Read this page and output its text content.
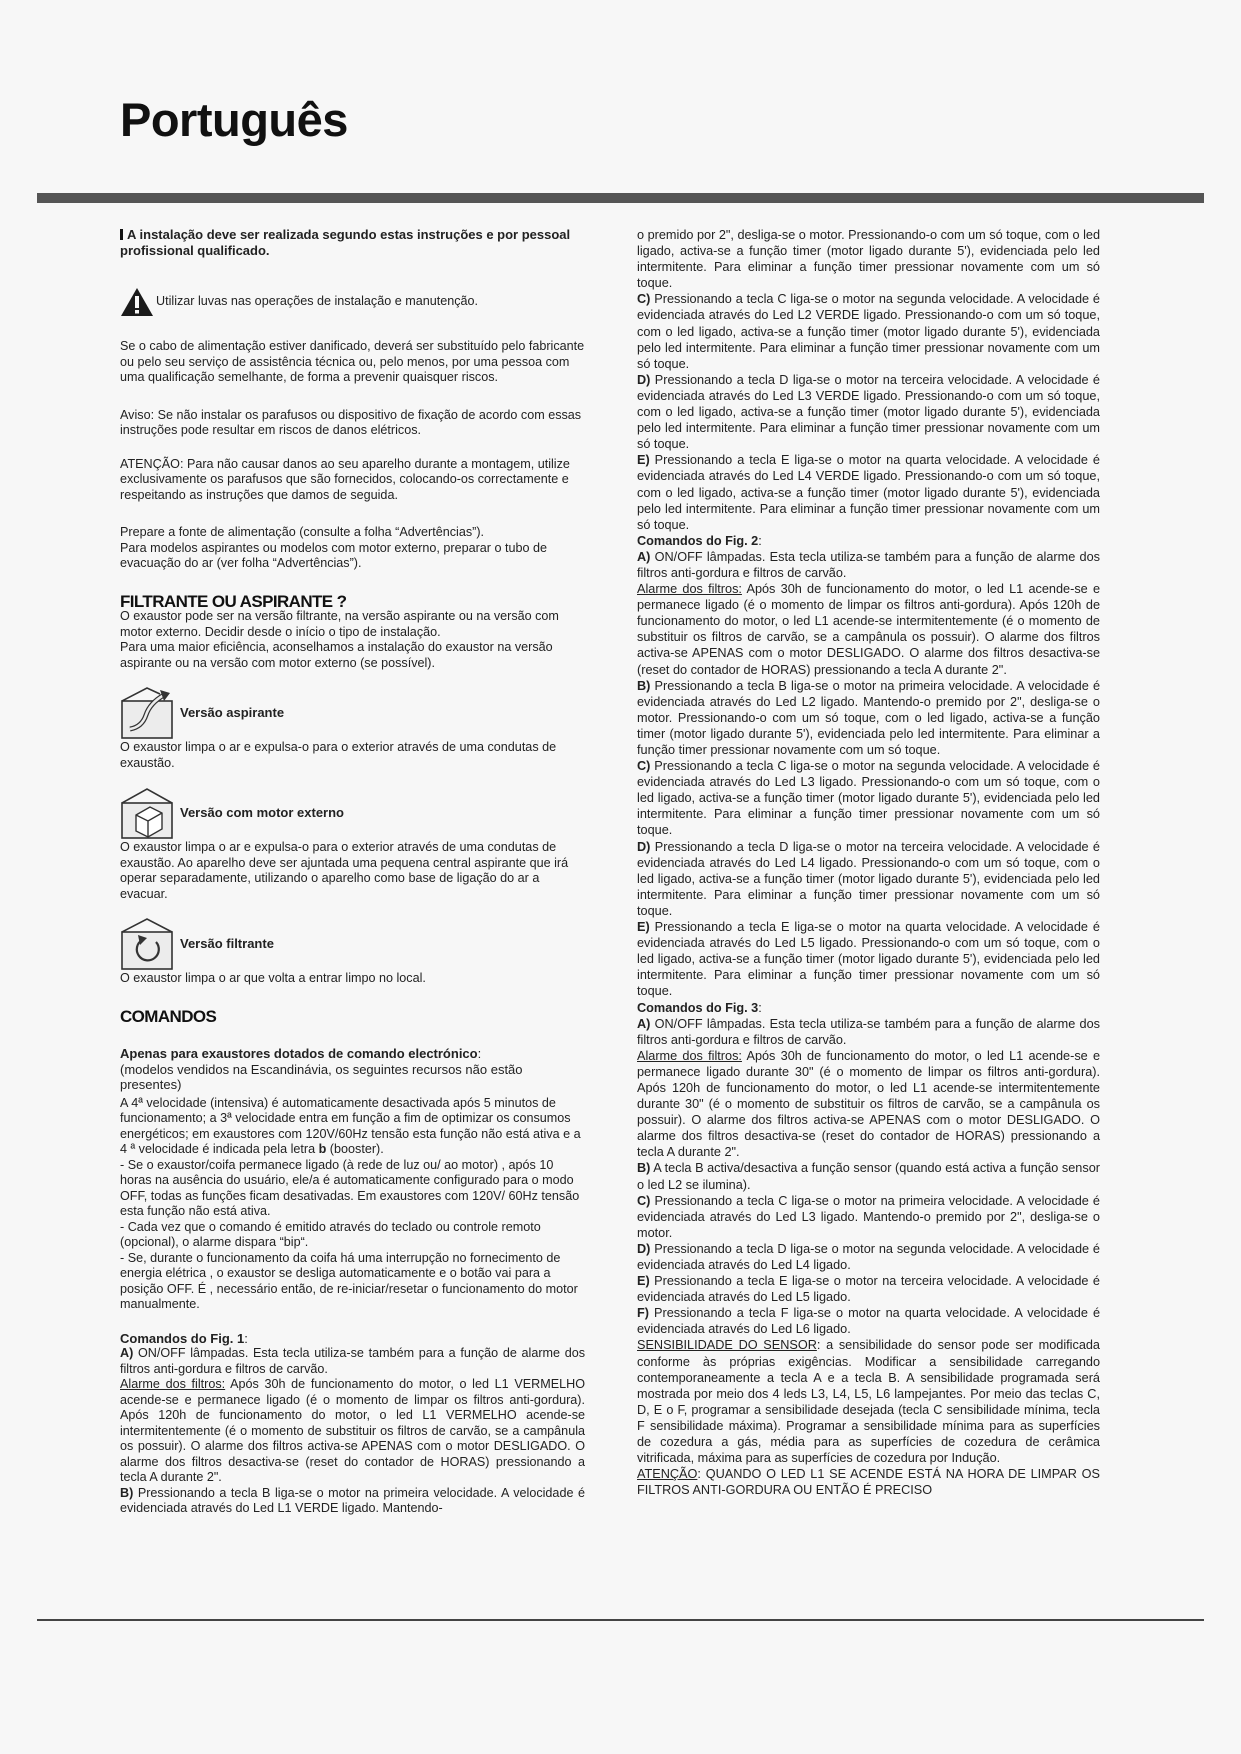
Português

A instalação deve ser realizada segundo estas instruções e por pessoal profissional qualificado.

Utilizar luvas nas operações de instalação e manutenção.

Se o cabo de alimentação estiver danificado, deverá ser substituído pelo fabricante ou pelo seu serviço de assistência técnica ou, pelo menos, por uma pessoa com uma qualificação semelhante, de forma a prevenir quaisquer riscos.

Aviso: Se não instalar os parafusos ou dispositivo de fixação de acordo com essas instruções pode resultar em riscos de danos elétricos.

ATENÇÃO: Para não causar danos ao seu aparelho durante a montagem, utilize exclusivamente os parafusos que são fornecidos, colocando-os correctamente e respeitando as instruções que damos de seguida.

Prepare a fonte de alimentação (consulte a folha “Advertências”).

Para modelos aspirantes ou modelos com motor externo, preparar o tubo de evacuação do ar (ver folha “Advertências”).

FILTRANTE OU ASPIRANTE ?

O exaustor pode ser na versão filtrante, na versão aspirante ou na versão com motor externo. Decidir desde o início o tipo de instalação.

Para uma maior eficiência, aconselhamos a instalação do exaustor na versão aspirante ou na versão com motor externo (se possível).

Versão aspirante

O exaustor limpa o ar e expulsa-o para o exterior através de uma condutas de exaustão.

Versão com motor externo

O exaustor limpa o ar e expulsa-o para o exterior através de uma condutas de exaustão. Ao aparelho deve ser ajuntada uma pequena central aspirante que irá operar separadamente, utilizando o aparelho como base de ligação do ar a evacuar.

Versão filtrante

O exaustor limpa o ar que volta a entrar limpo no local.

COMANDOS

Apenas para exaustores dotados de comando electrónico:

(modelos vendidos na Escandinávia, os seguintes recursos não estão presentes)

A 4ª velocidade (intensiva) é automaticamente desactivada após 5 minutos de funcionamento; a 3ª velocidade entra em função a fim de optimizar os consumos energéticos; em exaustores com 120V/60Hz tensão esta função não está ativa e a 4 ª velocidade é indicada pela letra b (booster).

- Se o exaustor/coifa permanece ligado (à rede de luz ou/ ao motor) , após 10 horas na ausência do usuário, ele/a é automaticamente configurado para o modo OFF, todas as funções ficam desativadas. Em exaustores com 120V/ 60Hz tensão esta função não está ativa.

- Cada vez que o comando é emitido através do teclado ou controle remoto (opcional), o alarme dispara “bip“.

- Se, durante o funcionamento da coifa há uma interrupção no fornecimento de energia elétrica , o exaustor se desliga automaticamente e o botão vai para a posição OFF. É , necessário então, de re-iniciar/resetar o funcionamento do motor manualmente.

Comandos do Fig. 1:

A) ON/OFF lâmpadas. Esta tecla utiliza-se também para a função de alarme dos filtros anti-gordura e filtros de carvão.

Alarme dos filtros: Após 30h de funcionamento do motor, o led L1 VERMELHO acende-se e permanece ligado (é o momento de limpar os filtros anti-gordura). Após 120h de funcionamento do motor, o led L1 VERMELHO acende-se intermitentemente (é o momento de substituir os filtros de carvão, se a campânula os possuir). O alarme dos filtros activa-se APENAS com o motor DESLIGADO. O alarme dos filtros desactiva-se (reset do contador de HORAS) pressionando a tecla A durante 2".

B) Pressionando a tecla B liga-se o motor na primeira velocidade. A velocidade é evidenciada através do Led L1 VERDE ligado. Mantendo-

o premido por 2", desliga-se o motor. Pressionando-o com um só toque, com o led ligado, activa-se a função timer (motor ligado durante 5'), evidenciada pelo led intermitente. Para eliminar a função timer pressionar novamente com um só toque.

C) Pressionando a tecla C liga-se o motor na segunda velocidade. A velocidade é evidenciada através do Led L2 VERDE ligado. Pressionando-o com um só toque, com o led ligado, activa-se a função timer (motor ligado durante 5'), evidenciada pelo led intermitente. Para eliminar a função timer pressionar novamente com um só toque.

D) Pressionando a tecla D liga-se o motor na terceira velocidade. A velocidade é evidenciada através do Led L3 VERDE ligado. Pressionando-o com um só toque, com o led ligado, activa-se a função timer (motor ligado durante 5'), evidenciada pelo led intermitente. Para eliminar a função timer pressionar novamente com um só toque.

E) Pressionando a tecla E liga-se o motor na quarta velocidade. A velocidade é evidenciada através do Led L4 VERDE ligado. Pressionando-o com um só toque, com o led ligado, activa-se a função timer (motor ligado durante 5'), evidenciada pelo led intermitente. Para eliminar a função timer pressionar novamente com um só toque.

Comandos do Fig. 2:

A) ON/OFF lâmpadas. Esta tecla utiliza-se também para a função de alarme dos filtros anti-gordura e filtros de carvão.

Alarme dos filtros: Após 30h de funcionamento do motor, o led L1 acende-se e permanece ligado (é o momento de limpar os filtros anti-gordura). Após 120h de funcionamento do motor, o led L1 acende-se intermitentemente (é o momento de substituir os filtros de carvão, se a campânula os possuir). O alarme dos filtros activa-se APENAS com o motor DESLIGADO. O alarme dos filtros desactiva-se (reset do contador de HORAS) pressionando a tecla A durante 2".

B) Pressionando a tecla B liga-se o motor na primeira velocidade. A velocidade é evidenciada através do Led L2 ligado. Mantendo-o premido por 2", desliga-se o motor. Pressionando-o com um só toque, com o led ligado, activa-se a função timer (motor ligado durante 5'), evidenciada pelo led intermitente. Para eliminar a função timer pressionar novamente com um só toque.

C) Pressionando a tecla C liga-se o motor na segunda velocidade. A velocidade é evidenciada através do Led L3 ligado. Pressionando-o com um só toque, com o led ligado, activa-se a função timer (motor ligado durante 5'), evidenciada pelo led intermitente. Para eliminar a função timer pressionar novamente com um só toque.

D) Pressionando a tecla D liga-se o motor na terceira velocidade. A velocidade é evidenciada através do Led L4 ligado. Pressionando-o com um só toque, com o led ligado, activa-se a função timer (motor ligado durante 5'), evidenciada pelo led intermitente. Para eliminar a função timer pressionar novamente com um só toque.

E) Pressionando a tecla E liga-se o motor na quarta velocidade. A velocidade é evidenciada através do Led L5 ligado. Pressionando-o com um só toque, com o led ligado, activa-se a função timer (motor ligado durante 5'), evidenciada pelo led intermitente. Para eliminar a função timer pressionar novamente com um só toque.

Comandos do Fig. 3:

A) ON/OFF lâmpadas. Esta tecla utiliza-se também para a função de alarme dos filtros anti-gordura e filtros de carvão.

Alarme dos filtros: Após 30h de funcionamento do motor, o led L1 acende-se e permanece ligado durante 30" (é o momento de limpar os filtros anti-gordura). Após 120h de funcionamento do motor, o led L1 acende-se intermitentemente durante 30" (é o momento de substituir os filtros de carvão, se a campânula os possuir). O alarme dos filtros activa-se APENAS com o motor DESLIGADO. O alarme dos filtros desactiva-se (reset do contador de HORAS) pressionando a tecla A durante 2".

B) A tecla B activa/desactiva a função sensor (quando está activa a função sensor o led L2 se ilumina).

C) Pressionando a tecla C liga-se o motor na primeira velocidade. A velocidade é evidenciada através do Led L3 ligado. Mantendo-o premido por 2", desliga-se o motor.

D) Pressionando a tecla D liga-se o motor na segunda velocidade. A velocidade é evidenciada através do Led L4 ligado.

E) Pressionando a tecla E liga-se o motor na terceira velocidade. A velocidade é evidenciada através do Led L5 ligado.

F) Pressionando a tecla F liga-se o motor na quarta velocidade. A velocidade é evidenciada através do Led L6 ligado.

SENSIBILIDADE DO SENSOR: a sensibilidade do sensor pode ser modificada conforme às próprias exigências. Modificar a sensibilidade carregando contemporaneamente a tecla A e a tecla B. A sensibilidade programada será mostrada por meio dos 4 leds L3, L4, L5, L6 lampejantes. Por meio das teclas C, D, E o F, programar a sensibilidade desejada (tecla C sensibilidade mínima, tecla F sensibilidade máxima). Programar a sensibilidade mínima para as superfícies de cozedura a gás, média para as superfícies de cozedura de cerâmica vitrificada, máxima para as superfícies de cozedura por Indução.

ATENÇÃO: QUANDO O LED L1 SE ACENDE ESTÁ NA HORA DE LIMPAR OS FILTROS ANTI-GORDURA OU ENTÃO É PRECISO
